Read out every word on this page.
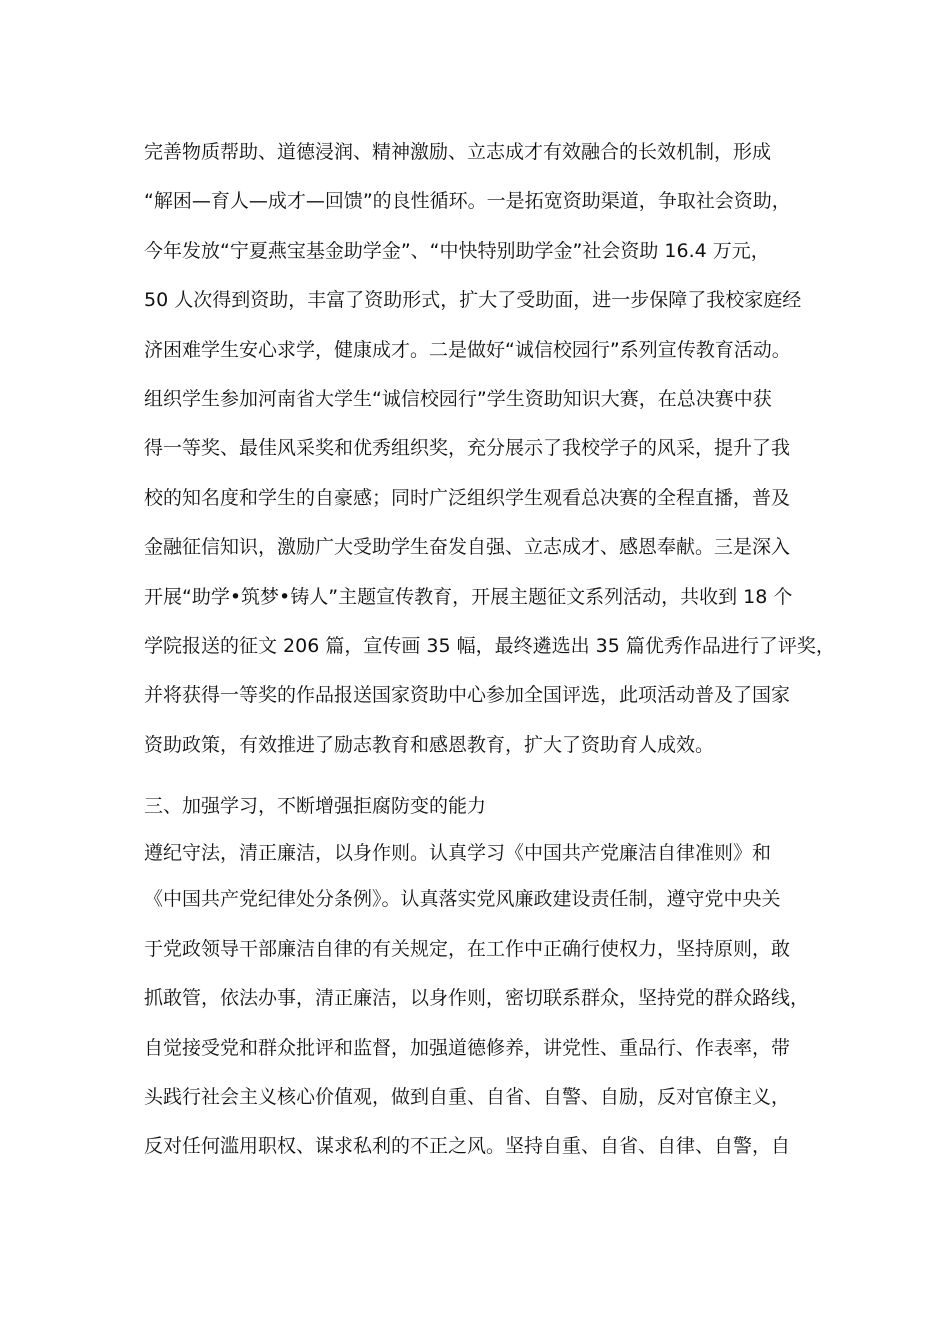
完善物质帮助、道德浸润、精神激励、立志成才有效融合的长效机制，形成
“解困—育人—成才—回馈”的良性循环。一是拓宽资助渠道，争取社会资助，
今年发放“宁夏燕宝基金助学金”、“中快特别助学金”社会资助 16.4 万元，
50 人次得到资助，丰富了资助形式，扩大了受助面，进一步保障了我校家庭经
济困难学生安心求学，健康成才。二是做好“诚信校园行”系列宣传教育活动。
组织学生参加河南省大学生“诚信校园行”学生资助知识大赛，在总决赛中获
得一等奖、最佳风采奖和优秀组织奖，充分展示了我校学子的风采，提升了我
校的知名度和学生的自豪感；同时广泛组织学生观看总决赛的全程直播，普及
金融征信知识，激励广大受助学生奋发自强、立志成才、感恩奉献。三是深入
开展“助学•筑梦•铸人”主题宣传教育，开展主题征文系列活动，共收到 18 个
学院报送的征文 206 篇，宣传画 35 幅，最终遴选出 35 篇优秀作品进行了评奖，
并将获得一等奖的作品报送国家资助中心参加全国评选，此项活动普及了国家
资助政策，有效推进了励志教育和感恩教育，扩大了资助育人成效。
三、加强学习，不断增强拒腐防变的能力
遵纪守法，清正廉洁，以身作则。认真学习《中国共产党廉洁自律准则》和
《中国共产党纪律处分条例》。认真落实党风廉政建设责任制，遵守党中央关
于党政领导干部廉洁自律的有关规定，在工作中正确行使权力，坚持原则，敢
抓敢管，依法办事，清正廉洁，以身作则，密切联系群众，坚持党的群众路线，
自觉接受党和群众批评和监督，加强道德修养，讲党性、重品行、作表率，带
头践行社会主义核心价值观，做到自重、自省、自警、自励，反对官僚主义，
反对任何滥用职权、谋求私利的不正之风。坚持自重、自省、自律、自警，自
